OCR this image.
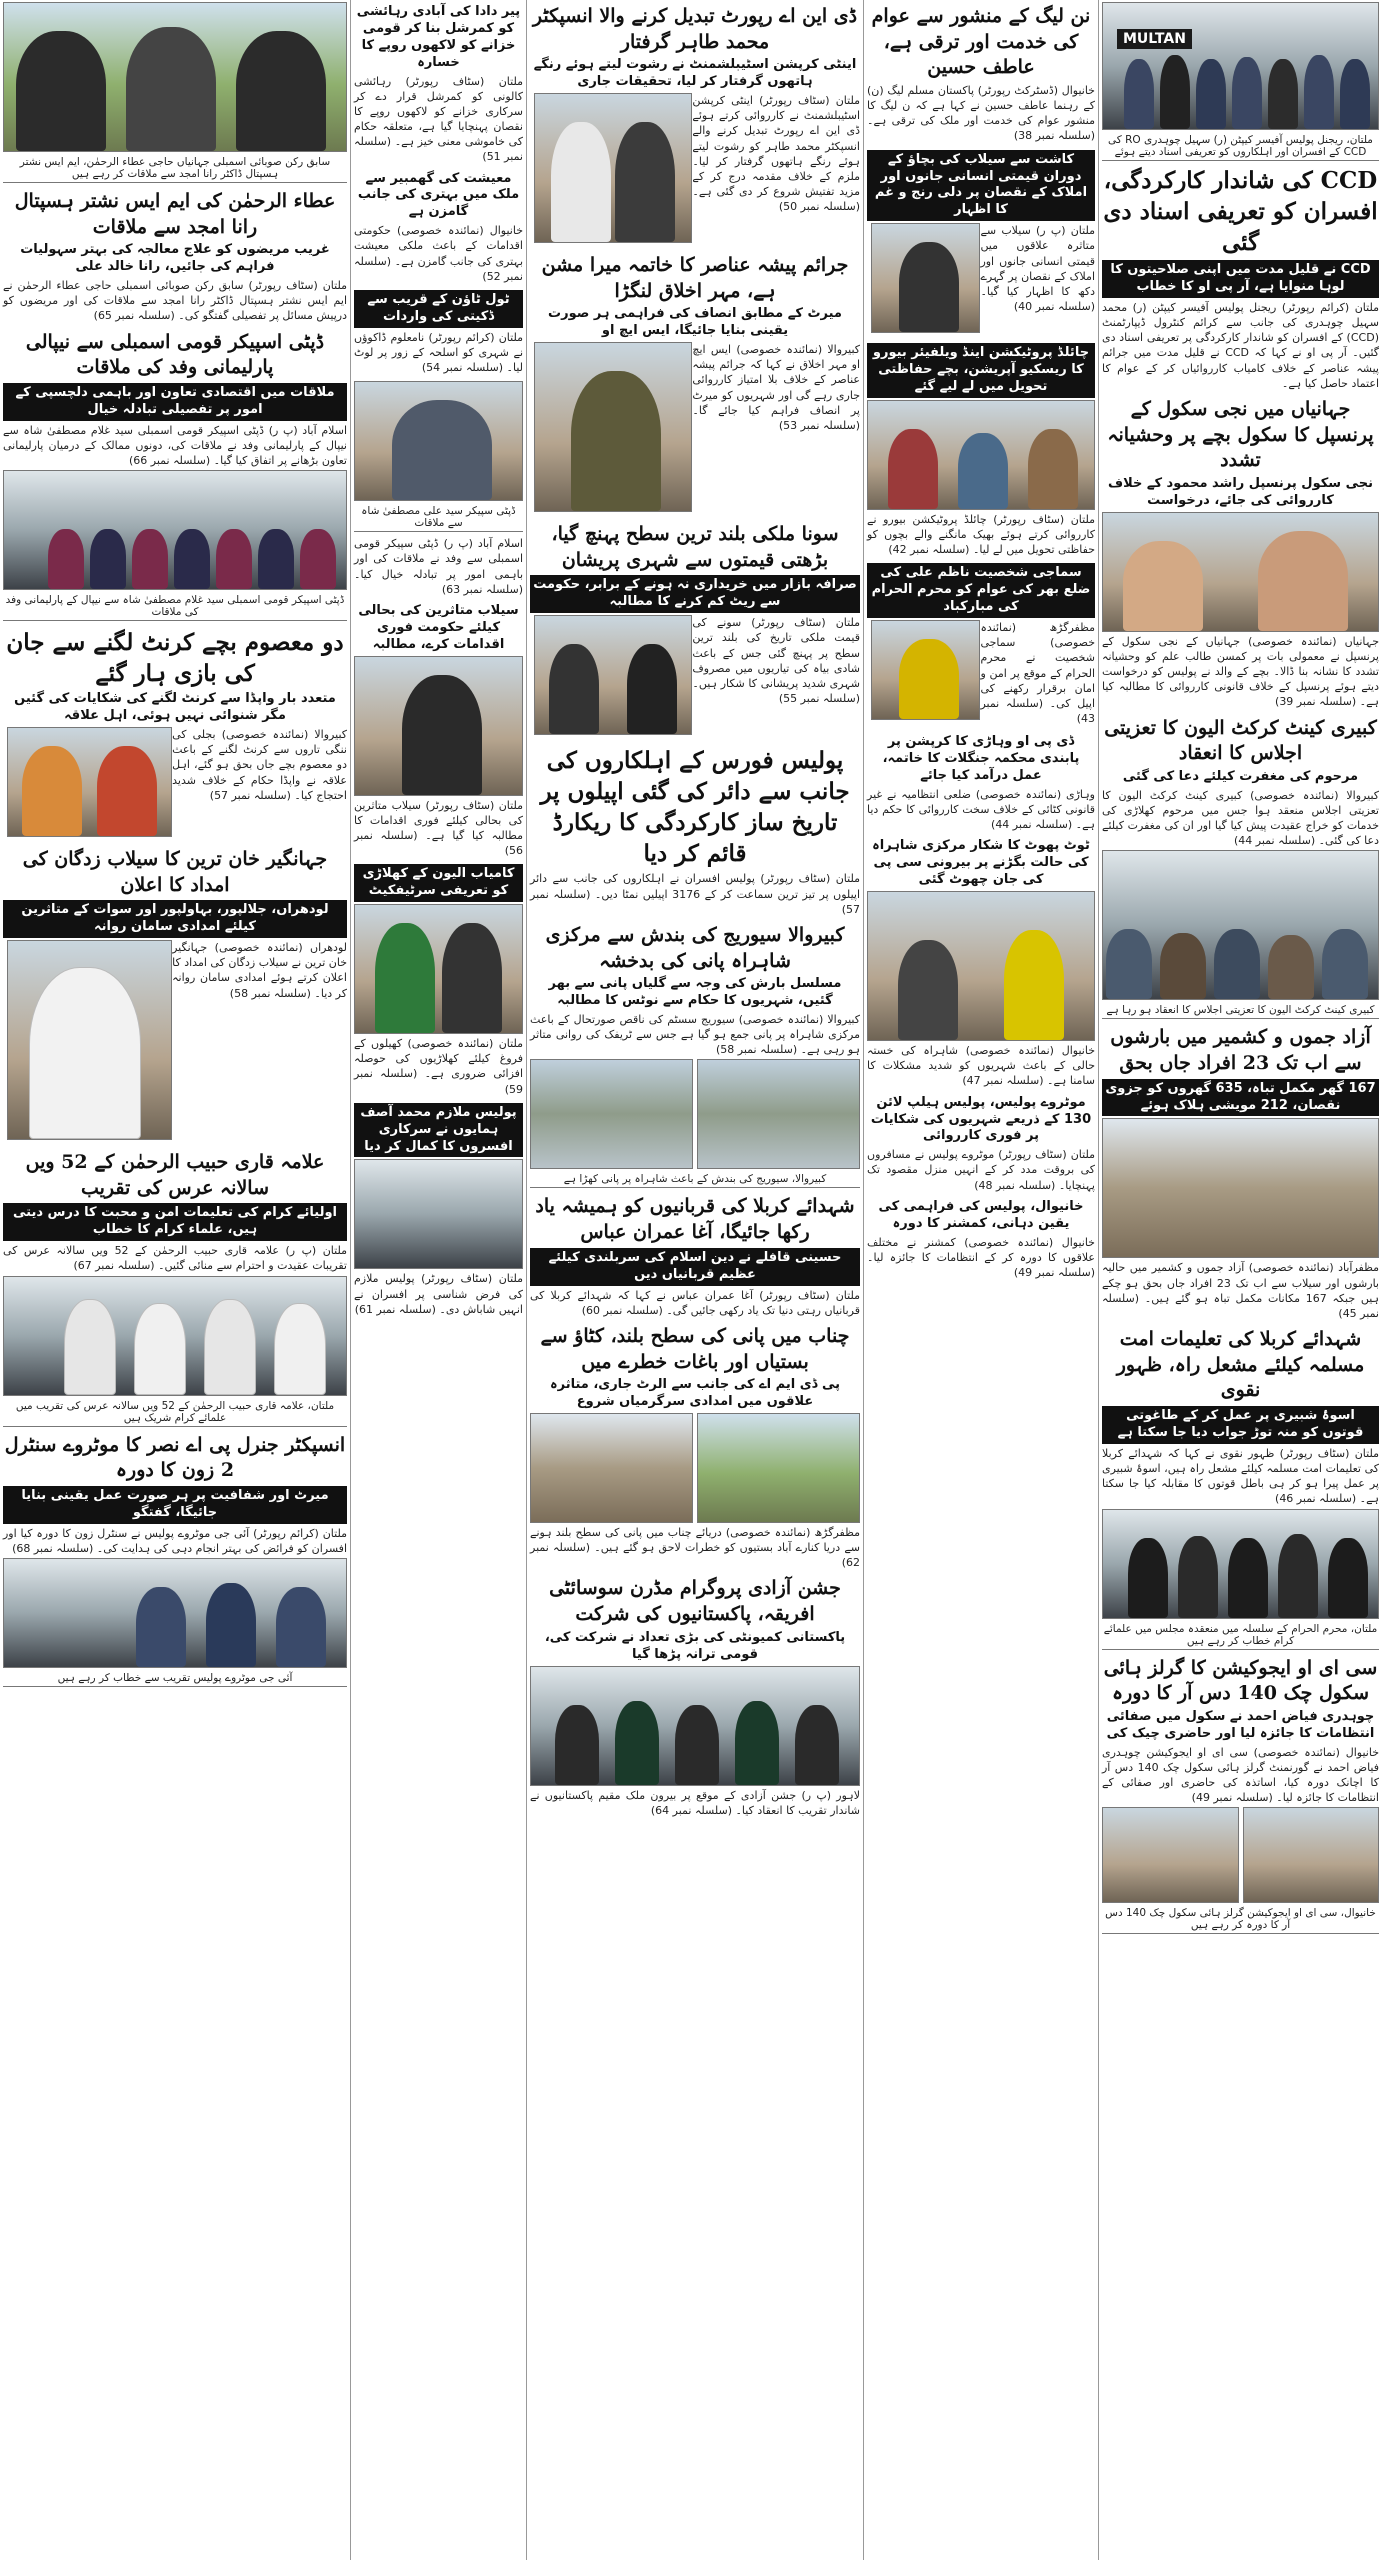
MULTAN
ملتان، ریجنل پولیس آفیسر کیپٹن (ر) سہیل چوہدری RO کی CCD کے افسران اور اہلکاروں کو تعریفی اسناد دیتے ہوئے
CCD کی شاندار کارکردگی، افسران کو تعریفی اسناد دی گئی
CCD نے قلیل مدت میں اپنی صلاحیتوں کا لوہا منوایا ہے، آر پی او کا خطاب
ملتان (کرائم رپورٹر) ریجنل پولیس آفیسر کیپٹن (ر) محمد سہیل چوہدری کی جانب سے کرائم کنٹرول ڈیپارٹمنٹ (CCD) کے افسران کو شاندار کارکردگی پر تعریفی اسناد دی گئیں۔ آر پی او نے کہا کہ CCD نے قلیل مدت میں جرائم پیشہ عناصر کے خلاف کامیاب کارروائیاں کر کے عوام کا اعتماد حاصل کیا ہے۔
جہانیاں میں نجی سکول کے پرنسپل کا سکول بچے پر وحشیانہ تشدد
نجی سکول پرنسپل راشد محمود کے خلاف کارروائی کی جائے، درخواست
جہانیاں (نمائندہ خصوصی) جہانیاں کے نجی سکول کے پرنسپل نے معمولی بات پر کمسن طالب علم کو وحشیانہ تشدد کا نشانہ بنا ڈالا۔ بچے کے والد نے پولیس کو درخواست دیتے ہوئے پرنسپل کے خلاف قانونی کارروائی کا مطالبہ کیا ہے۔ (سلسلہ نمبر 39)
کبیری کینٹ کرکٹ الیون کا تعزیتی اجلاس کا انعقاد
مرحوم کی مغفرت کیلئے دعا کی گئی
کبیروالا (نمائندہ خصوصی) کبیری کینٹ کرکٹ الیون کا تعزیتی اجلاس منعقد ہوا جس میں مرحوم کھلاڑی کی خدمات کو خراج عقیدت پیش کیا گیا اور ان کی مغفرت کیلئے دعا کی گئی۔ (سلسلہ نمبر 44)
کبیری کینٹ کرکٹ الیون کا تعزیتی اجلاس کا انعقاد ہو رہا ہے
آزاد جموں و کشمیر میں بارشوں سے اب تک 23 افراد جاں بحق
167 گھر مکمل تباہ، 635 گھروں کو جزوی نقصان، 212 مویشی ہلاک ہوئے
مظفرآباد (نمائندہ خصوصی) آزاد جموں و کشمیر میں حالیہ بارشوں اور سیلاب سے اب تک 23 افراد جاں بحق ہو چکے ہیں جبکہ 167 مکانات مکمل تباہ ہو گئے ہیں۔ (سلسلہ نمبر 45)
شہدائے کربلا کی تعلیمات امت مسلمہ کیلئے مشعل راہ، ظہور نقوی
اسوۂ شبیری پر عمل کر کے طاغوتی قوتوں کو منہ توڑ جواب دیا جا سکتا ہے
ملتان (سٹاف رپورٹر) ظہور نقوی نے کہا کہ شہدائے کربلا کی تعلیمات امت مسلمہ کیلئے مشعل راہ ہیں، اسوۂ شبیری پر عمل پیرا ہو کر ہی باطل قوتوں کا مقابلہ کیا جا سکتا ہے۔ (سلسلہ نمبر 46)
ملتان، محرم الحرام کے سلسلہ میں منعقدہ مجلس میں علمائے کرام خطاب کر رہے ہیں
سی ای او ایجوکیشن کا گرلز ہائی سکول چک 140 دس آر کا دورہ
چوہدری فیاض احمد نے سکول میں صفائی انتظامات کا جائزہ لیا اور حاضری چیک کی
خانیوال (نمائندہ خصوصی) سی ای او ایجوکیشن چوہدری فیاض احمد نے گورنمنٹ گرلز ہائی سکول چک 140 دس آر کا اچانک دورہ کیا، اساتذہ کی حاضری اور صفائی کے انتظامات کا جائزہ لیا۔ (سلسلہ نمبر 49)
خانیوال، سی ای او ایجوکیشن گرلز ہائی سکول چک 140 دس آر کا دورہ کر رہے ہیں
نن لیگ کے منشور سے عوام کی خدمت اور ترقی ہے، عاطف حسین
خانیوال (ڈسٹرکٹ رپورٹر) پاکستان مسلم لیگ (ن) کے رہنما عاطف حسین نے کہا ہے کہ ن لیگ کا منشور عوام کی خدمت اور ملک کی ترقی ہے۔ (سلسلہ نمبر 38)
کاشت سے سیلاب کی بچاؤ کے دوران قیمتی انسانی جانوں اور املاک کے نقصان پر دلی رنج و غم کا اظہار
ملتان (پ ر) سیلاب سے متاثرہ علاقوں میں قیمتی انسانی جانوں اور املاک کے نقصان پر گہرے دکھ کا اظہار کیا گیا۔ (سلسلہ نمبر 40)
چائلڈ پروٹیکشن اینڈ ویلفیئر بیورو کا ریسکیو آپریشن، بچے حفاظتی تحویل میں لے لیے گئے
ملتان (سٹاف رپورٹر) چائلڈ پروٹیکشن بیورو نے کارروائی کرتے ہوئے بھیک مانگنے والے بچوں کو حفاظتی تحویل میں لے لیا۔ (سلسلہ نمبر 42)
سماجی شخصیت ناظم علی کی ضلع بھر کی عوام کو محرم الحرام کی مبارکباد
مظفرگڑھ (نمائندہ خصوصی) سماجی شخصیت نے محرم الحرام کے موقع پر امن و امان برقرار رکھنے کی اپیل کی۔ (سلسلہ نمبر 43)
ڈی پی او وہاڑی کا کرپشن پر پابندی محکمہ جنگلات کا خاتمہ، عمل درآمد کیا جائے
وہاڑی (نمائندہ خصوصی) ضلعی انتظامیہ نے غیر قانونی کٹائی کے خلاف سخت کارروائی کا حکم دیا ہے۔ (سلسلہ نمبر 44)
ٹوٹ پھوٹ کا شکار مرکزی شاہراہ کی حالت بگڑنے پر بیرونی سی پی کی جان چھوٹ گئی
خانیوال (نمائندہ خصوصی) شاہراہ کی خستہ حالی کے باعث شہریوں کو شدید مشکلات کا سامنا ہے۔ (سلسلہ نمبر 47)
موٹروے پولیس، پولیس ہیلپ لائن 130 کے ذریعے شہریوں کی شکایات پر فوری کارروائی
ملتان (سٹاف رپورٹر) موٹروے پولیس نے مسافروں کی بروقت مدد کر کے انہیں منزل مقصود تک پہنچایا۔ (سلسلہ نمبر 48)
خانیوال، پولیس کی فراہمی کی یقین دہانی، کمشنر کا دورہ
خانیوال (نمائندہ خصوصی) کمشنر نے مختلف علاقوں کا دورہ کر کے انتظامات کا جائزہ لیا۔ (سلسلہ نمبر 49)
ڈی این اے رپورٹ تبدیل کرنے والا انسپکٹر محمد طاہر گرفتار
اینٹی کرپشن اسٹیبلشمنٹ نے رشوت لیتے ہوئے رنگے ہاتھوں گرفتار کر لیا، تحقیقات جاری
ملتان (سٹاف رپورٹر) اینٹی کرپشن اسٹیبلشمنٹ نے کارروائی کرتے ہوئے ڈی این اے رپورٹ تبدیل کرنے والے انسپکٹر محمد طاہر کو رشوت لیتے ہوئے رنگے ہاتھوں گرفتار کر لیا۔ ملزم کے خلاف مقدمہ درج کر کے مزید تفتیش شروع کر دی گئی ہے۔ (سلسلہ نمبر 50)
جرائم پیشہ عناصر کا خاتمہ میرا مشن ہے، مہر اخلاق لنگڑا
میرٹ کے مطابق انصاف کی فراہمی ہر صورت یقینی بنایا جائیگا، ایس ایچ او
کبیروالا (نمائندہ خصوصی) ایس ایچ او مہر اخلاق نے کہا کہ جرائم پیشہ عناصر کے خلاف بلا امتیاز کارروائی جاری رہے گی اور شہریوں کو میرٹ پر انصاف فراہم کیا جائے گا۔ (سلسلہ نمبر 53)
سونا ملکی بلند ترین سطح پہنچ گیا، بڑھتی قیمتوں سے شہری پریشان
صرافہ بازار میں خریداری نہ ہونے کے برابر، حکومت سے ریٹ کم کرنے کا مطالبہ
ملتان (سٹاف رپورٹر) سونے کی قیمت ملکی تاریخ کی بلند ترین سطح پر پہنچ گئی جس کے باعث شادی بیاہ کی تیاریوں میں مصروف شہری شدید پریشانی کا شکار ہیں۔ (سلسلہ نمبر 55)
پولیس فورس کے اہلکاروں کی جانب سے دائر کی گئی اپیلوں پر تاریخ ساز کارکردگی کا ریکارڈ قائم کر دیا
ملتان (سٹاف رپورٹر) پولیس افسران نے اہلکاروں کی جانب سے دائر اپیلوں پر تیز ترین سماعت کر کے 3176 اپیلیں نمٹا دیں۔ (سلسلہ نمبر 57)
کبیروالا سیوریج کی بندش سے مرکزی شاہراہ پانی کی بدخشہ
مسلسل بارش کی وجہ سے گلیاں پانی سے بھر گئیں، شہریوں کا حکام سے نوٹس کا مطالبہ
کبیروالا (نمائندہ خصوصی) سیوریج سسٹم کی ناقص صورتحال کے باعث مرکزی شاہراہ پر پانی جمع ہو گیا ہے جس سے ٹریفک کی روانی متاثر ہو رہی ہے۔ (سلسلہ نمبر 58)
کبیروالا، سیوریج کی بندش کے باعث شاہراہ پر پانی کھڑا ہے
شہدائے کربلا کی قربانیوں کو ہمیشہ یاد رکھا جائیگا، آغا عمران عباس
حسینی قافلے نے دین اسلام کی سربلندی کیلئے عظیم قربانیاں دیں
ملتان (سٹاف رپورٹر) آغا عمران عباس نے کہا کہ شہدائے کربلا کی قربانیاں رہتی دنیا تک یاد رکھی جائیں گی۔ (سلسلہ نمبر 60)
چناب میں پانی کی سطح بلند، کٹاؤ سے بستیاں اور باغات خطرے میں
پی ڈی ایم اے کی جانب سے الرٹ جاری، متاثرہ علاقوں میں امدادی سرگرمیاں شروع
مظفرگڑھ (نمائندہ خصوصی) دریائے چناب میں پانی کی سطح بلند ہونے سے دریا کنارے آباد بستیوں کو خطرات لاحق ہو گئے ہیں۔ (سلسلہ نمبر 62)
جشن آزادی پروگرام مڈرن سوسائٹی افریقہ، پاکستانیوں کی شرکت
پاکستانی کمیونٹی کی بڑی تعداد نے شرکت کی، قومی ترانہ پڑھا گیا
لاہور (پ ر) جشن آزادی کے موقع پر بیرون ملک مقیم پاکستانیوں نے شاندار تقریب کا انعقاد کیا۔ (سلسلہ نمبر 64)
پیر دادا کی آبادی رہائشی کو کمرشل بنا کر قومی خزانے کو لاکھوں روپے کا خسارہ
ملتان (سٹاف رپورٹر) رہائشی کالونی کو کمرشل قرار دے کر سرکاری خزانے کو لاکھوں روپے کا نقصان پہنچایا گیا ہے، متعلقہ حکام کی خاموشی معنی خیز ہے۔ (سلسلہ نمبر 51)
معیشت کی گھمبیر سے ملک میں بہتری کی جانب گامزن ہے
خانیوال (نمائندہ خصوصی) حکومتی اقدامات کے باعث ملکی معیشت بہتری کی جانب گامزن ہے۔ (سلسلہ نمبر 52)
ٹول ٹاؤن کے قریب سے ڈکیتی کی واردات
ملتان (کرائم رپورٹر) نامعلوم ڈاکوؤں نے شہری کو اسلحہ کے زور پر لوٹ لیا۔ (سلسلہ نمبر 54)
ڈپٹی سپیکر سید علی مصطفیٰ شاہ سے ملاقات
اسلام آباد (پ ر) ڈپٹی سپیکر قومی اسمبلی سے وفد نے ملاقات کی اور باہمی امور پر تبادلہ خیال کیا۔ (سلسلہ نمبر 63)
سیلاب متاثرین کی بحالی کیلئے حکومت فوری اقدامات کرے، مطالبہ
ملتان (سٹاف رپورٹر) سیلاب متاثرین کی بحالی کیلئے فوری اقدامات کا مطالبہ کیا گیا ہے۔ (سلسلہ نمبر 56)
کامیاب الیون کے کھلاڑی کو تعریفی سرٹیفکیٹ
ملتان (نمائندہ خصوصی) کھیلوں کے فروغ کیلئے کھلاڑیوں کی حوصلہ افزائی ضروری ہے۔ (سلسلہ نمبر 59)
پولیس ملازم محمد آصف ہمایوں نے سرکاری افسروں کا کمال کر دیا
ملتان (سٹاف رپورٹر) پولیس ملازم کی فرض شناسی پر افسران نے انہیں شاباش دی۔ (سلسلہ نمبر 61)
سابق رکن صوبائی اسمبلی جہانیاں حاجی عطاء الرحمٰن، ایم ایس نشتر ہسپتال ڈاکٹر رانا امجد سے ملاقات کر رہے ہیں
عطاء الرحمٰن کی ایم ایس نشتر ہسپتال رانا امجد سے ملاقات
غریب مریضوں کو علاج معالجہ کی بہتر سہولیات فراہم کی جائیں، رانا خالد علی
ملتان (سٹاف رپورٹر) سابق رکن صوبائی اسمبلی حاجی عطاء الرحمٰن نے ایم ایس نشتر ہسپتال ڈاکٹر رانا امجد سے ملاقات کی اور مریضوں کو درپیش مسائل پر تفصیلی گفتگو کی۔ (سلسلہ نمبر 65)
ڈپٹی اسپیکر قومی اسمبلی سے نیپالی پارلیمانی وفد کی ملاقات
ملاقات میں اقتصادی تعاون اور باہمی دلچسپی کے امور پر تفصیلی تبادلہ خیال
اسلام آباد (پ ر) ڈپٹی اسپیکر قومی اسمبلی سید غلام مصطفیٰ شاہ سے نیپال کے پارلیمانی وفد نے ملاقات کی، دونوں ممالک کے درمیان پارلیمانی تعاون بڑھانے پر اتفاق کیا گیا۔ (سلسلہ نمبر 66)
ڈپٹی اسپیکر قومی اسمبلی سید غلام مصطفیٰ شاہ سے نیپال کے پارلیمانی وفد کی ملاقات
دو معصوم بچے کرنٹ لگنے سے جان کی بازی ہار گئے
متعدد بار واپڈا سے کرنٹ لگنے کی شکایات کی گئیں مگر شنوائی نہیں ہوئی، اہل علاقہ
کبیروالا (نمائندہ خصوصی) بجلی کی ننگی تاروں سے کرنٹ لگنے کے باعث دو معصوم بچے جاں بحق ہو گئے، اہل علاقہ نے واپڈا حکام کے خلاف شدید احتجاج کیا۔ (سلسلہ نمبر 57)
جہانگیر خان ترین کا سیلاب زدگان کی امداد کا اعلان
لودھراں، جلالپور، بہاولپور اور سوات کے متاثرین کیلئے امدادی سامان روانہ
لودھراں (نمائندہ خصوصی) جہانگیر خان ترین نے سیلاب زدگان کی امداد کا اعلان کرتے ہوئے امدادی سامان روانہ کر دیا۔ (سلسلہ نمبر 58)
علامہ قاری حبیب الرحمٰن کے 52 ویں سالانہ عرس کی تقریب
اولیائے کرام کی تعلیمات امن و محبت کا درس دیتی ہیں، علماء کرام کا خطاب
ملتان (پ ر) علامہ قاری حبیب الرحمٰن کے 52 ویں سالانہ عرس کی تقریبات عقیدت و احترام سے منائی گئیں۔ (سلسلہ نمبر 67)
ملتان، علامہ قاری حبیب الرحمٰن کے 52 ویں سالانہ عرس کی تقریب میں علمائے کرام شریک ہیں
انسپکٹر جنرل پی اے نصر کا موٹروے سنٹرل 2 زون کا دورہ
میرٹ اور شفافیت پر ہر صورت عمل یقینی بنایا جائیگا، گفتگو
ملتان (کرائم رپورٹر) آئی جی موٹروے پولیس نے سنٹرل زون کا دورہ کیا اور افسران کو فرائض کی بہتر انجام دہی کی ہدایت کی۔ (سلسلہ نمبر 68)
آئی جی موٹروے پولیس تقریب سے خطاب کر رہے ہیں
